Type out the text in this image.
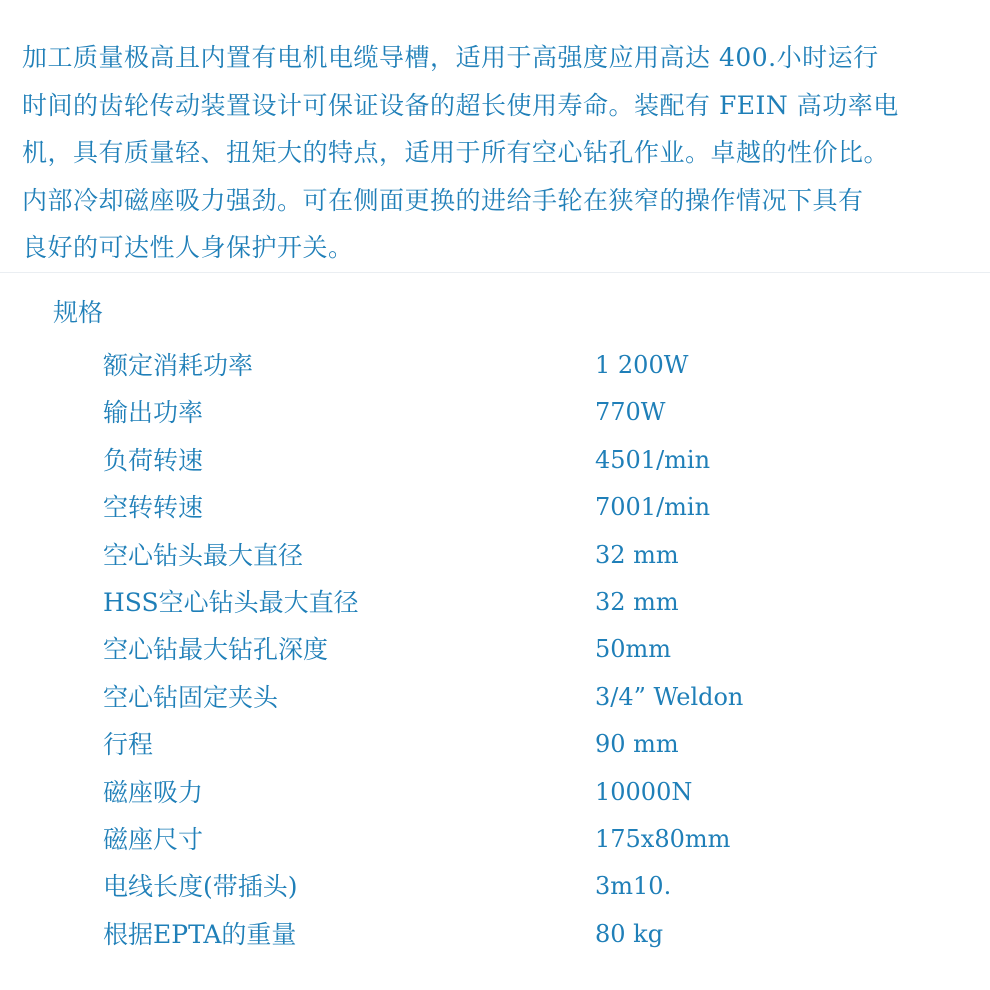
加工质量极高且内置有电机电缆导槽，适用于高强度应用高达 400.小时运行
时间的齿轮传动装置设计可保证设备的超长使用寿命。装配有 FEIN 高功率电
机，具有质量轻、扭矩大的特点，适用于所有空心钻孔作业。卓越的性价比。
内部冷却磁座吸力强劲。可在侧面更换的进给手轮在狭窄的操作情况下具有
良好的可达性人身保护开关。
规格
额定消耗功率	1 200W
输出功率	770W
负荷转速	4501/min
空转转速	7001/min
空心钻头最大直径	32 mm
HSS空心钻头最大直径	32 mm
空心钻最大钻孔深度	50mm
空心钻固定夹头	3/4” Weldon
行程	90 mm
磁座吸力	10000N
磁座尺寸	175x80mm
电线长度(带插头)	3m10.
根据EPTA的重量	80 kg
